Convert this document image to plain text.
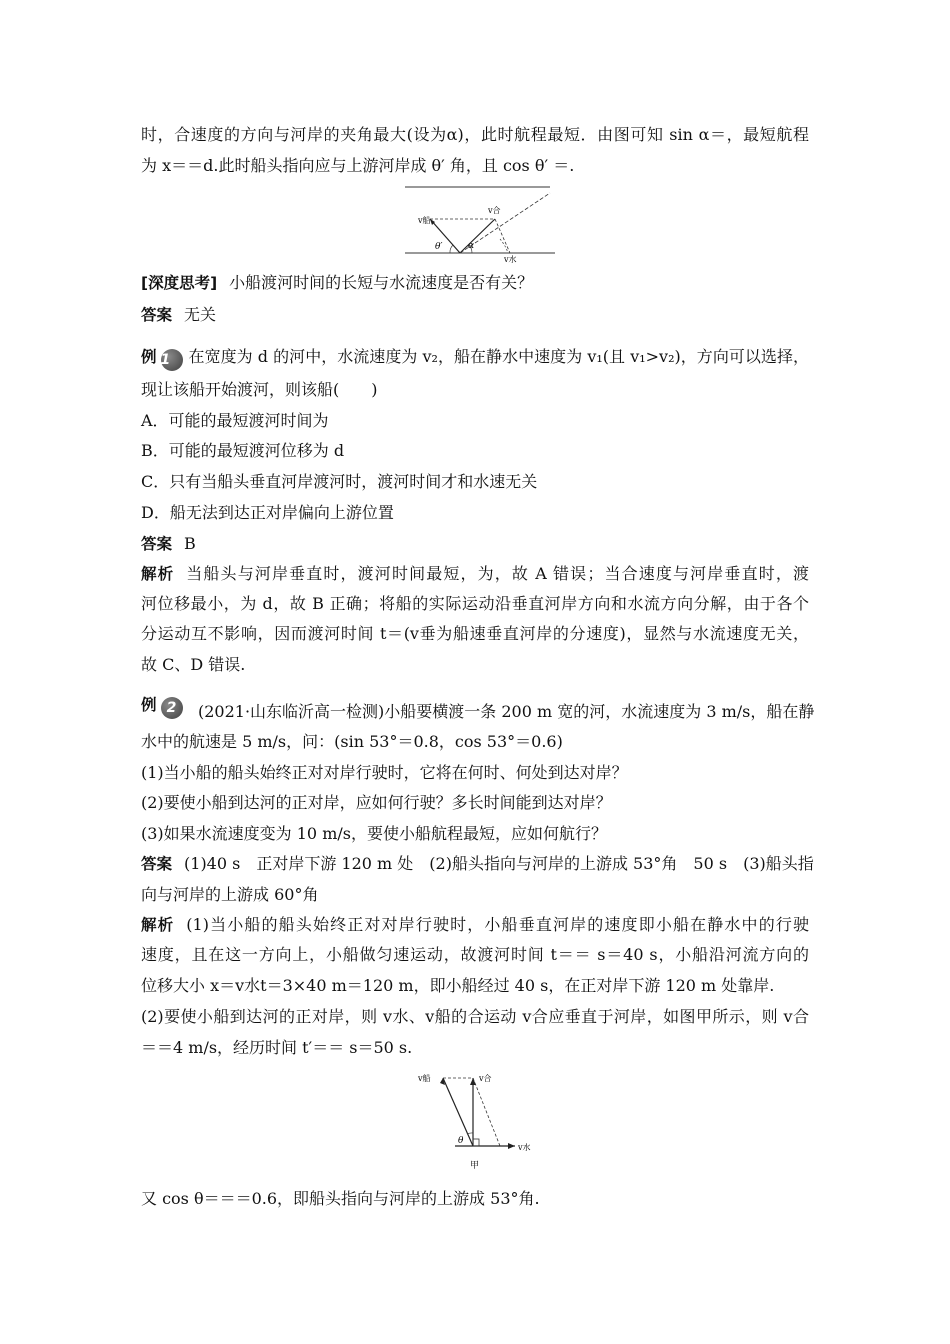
时，合速度的方向与河岸的夹角最大(设为α)，此时航程最短．由图可知 sin α＝，最短航程
为 x＝＝d.此时船头指向应与上游河岸成 θ′ 角，且 cos θ′ ＝.
v船
v合
v水
θ′	α
[深度思考] 小船渡河时间的长短与水流速度是否有关？
答案 无关
例 1 在宽度为 d 的河中，水流速度为 v₂，船在静水中速度为 v₁(且 v₁>v₂)，方向可以选择，
现让该船开始渡河，则该船(　　)
A．可能的最短渡河时间为
B．可能的最短渡河位移为 d
C．只有当船头垂直河岸渡河时，渡河时间才和水速无关
D．船无法到达正对岸偏向上游位置
答案 B
解析 当船头与河岸垂直时，渡河时间最短，为，故 A 错误；当合速度与河岸垂直时，渡
河位移最小，为 d，故 B 正确；将船的实际运动沿垂直河岸方向和水流方向分解，由于各个
分运动互不影响，因而渡河时间 t＝(v垂为船速垂直河岸的分速度)，显然与水流速度无关，
故 C、D 错误.
例 2	(2021·山东临沂高一检测)小船要横渡一条 200 m 宽的河，水流速度为 3 m/s，船在静
水中的航速是 5 m/s，问：(sin 53°＝0.8，cos 53°＝0.6)
(1)当小船的船头始终正对对岸行驶时，它将在何时、何处到达对岸？
(2)要使小船到达河的正对岸，应如何行驶？多长时间能到达对岸？
(3)如果水流速度变为 10 m/s，要使小船航程最短，应如何航行？
答案 (1)40 s　正对岸下游 120 m 处　(2)船头指向与河岸的上游成 53°角　50 s　(3)船头指
向与河岸的上游成 60°角
解析 (1)当小船的船头始终正对对岸行驶时，小船垂直河岸的速度即小船在静水中的行驶
速度，且在这一方向上，小船做匀速运动，故渡河时间 t＝＝ s＝40 s，小船沿河流方向的
位移大小 x＝v水t＝3×40 m＝120 m，即小船经过 40 s，在正对岸下游 120 m 处靠岸.
(2)要使小船到达河的正对岸，则 v水、v船的合运动 v合应垂直于河岸，如图甲所示，则 v合
＝＝4 m/s，经历时间 t′＝＝ s＝50 s.
v船	v合
v水
θ
甲
又 cos θ＝＝＝0.6，即船头指向与河岸的上游成 53°角.
